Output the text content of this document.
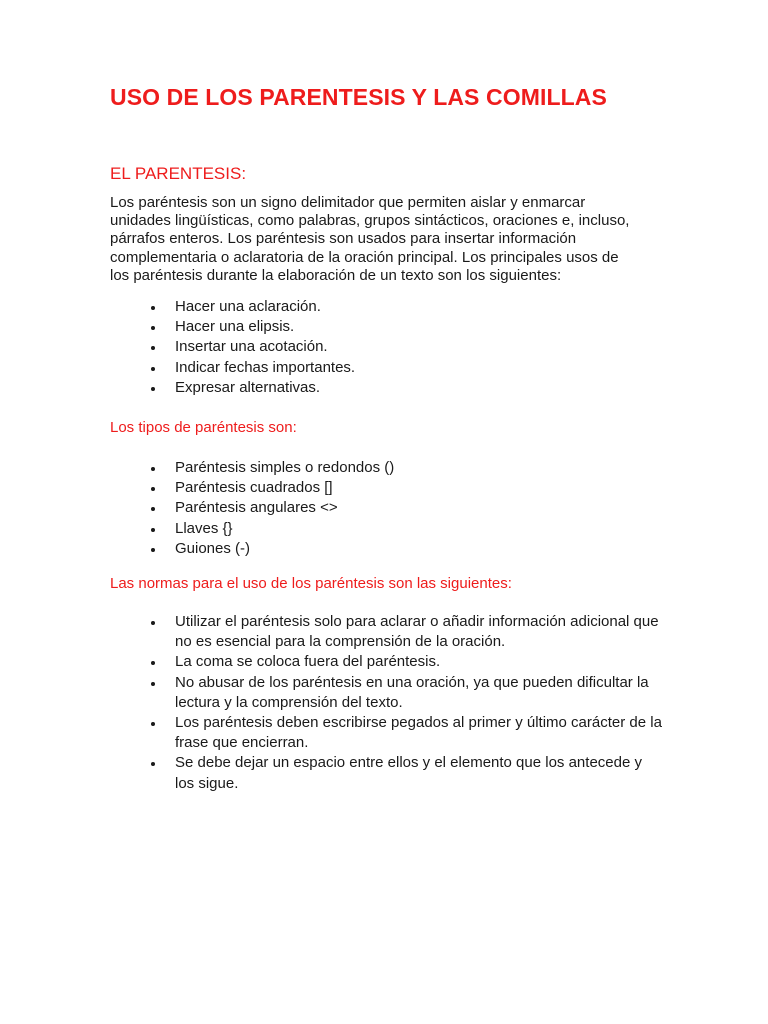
USO DE LOS PARENTESIS Y LAS COMILLAS
EL PARENTESIS:

Los paréntesis son un signo delimitador que permiten aislar y enmarcar
unidades lingüísticas, como palabras, grupos sintácticos, oraciones e, incluso,
párrafos enteros. Los paréntesis son usados para insertar información
complementaria o aclaratoria de la oración principal. Los principales usos de
los paréntesis durante la elaboración de un texto son los siguientes:

Hacer una aclaración.
Hacer una elipsis.
Insertar una acotación.
Indicar fechas importantes.
Expresar alternativas.
Los tipos de paréntesis son:
Paréntesis simples o redondos ()
Paréntesis cuadrados []
Paréntesis angulares <>
Llaves {}
Guiones (-)
Las normas para el uso de los paréntesis son las siguientes:
Utilizar el paréntesis solo para aclarar o añadir información adicional que no es esencial para la comprensión de la oración.
La coma se coloca fuera del paréntesis.
No abusar de los paréntesis en una oración, ya que pueden dificultar la lectura y la comprensión del texto.
Los paréntesis deben escribirse pegados al primer y último carácter de la frase que encierran.
Se debe dejar un espacio entre ellos y el elemento que los antecede y los sigue.
